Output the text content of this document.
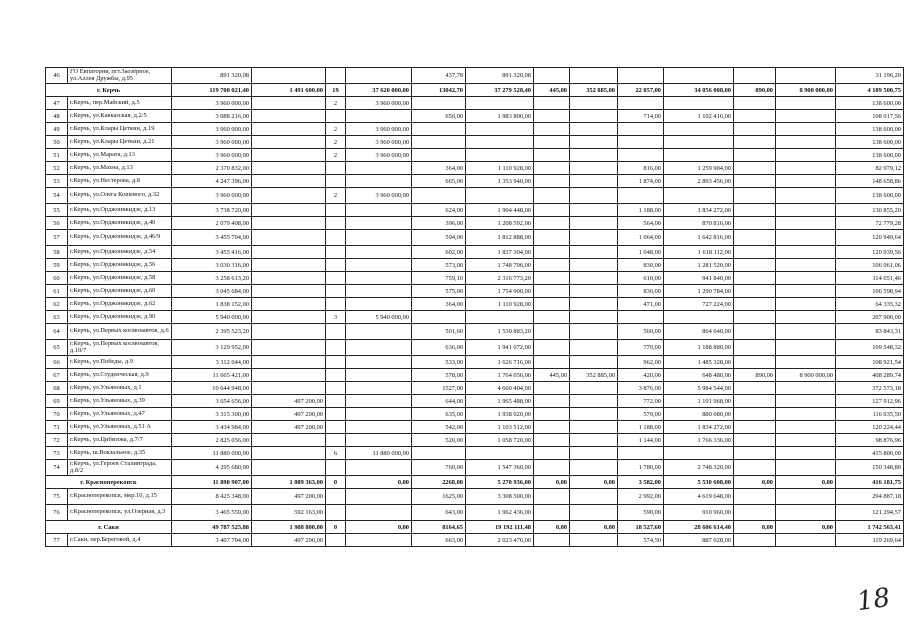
46	ГО Евпатория, пгт.Заозёрное, ул.Аллея Дружбы, д.95	891 320,08				437,78	891 320,08							31 196,20
г. Керчь		119 700 021,40	1 491 600,00	19	37 620 000,00	13042,70	37 279 528,40	445,00	352 885,00	22 057,00	34 056 008,00	890,00	8 900 000,00	4 189 500,75
47	г.Керчь, пер.Майский, д.5	3 960 000,00		2	3 960 000,00									138 600,00
48	г.Керчь, ул.Кавказская, д.2/5	3 088 216,00				650,00	1 983 800,00			714,00	1 102 416,00			108 017,56
49	г.Керчь, ул.Клары Цеткин, д.19	3 960 000,00		2	3 960 000,00									138 600,00
50	г.Керчь, ул.Клары Цеткин, д.21	3 960 000,00		2	3 960 000,00									138 600,00
51	г.Керчь, ул.Марата, д.13	3 960 000,00		2	3 960 000,00									138 600,00
52	г.Керчь, ул.Махна, д.13	2 370 832,00				364,00	1 110 928,00			816,00	1 259 904,00			82 979,12
53	г.Керчь, ул.Нестерова, д.8	4 247 396,00				665,00	1 353 940,00			1 874,00	2 893 456,00			148 658,86
54	г.Керчь, ул.Олега Кошевого, д.32	3 960 000,00		2	3 960 000,00									138 600,00
55	г.Керчь, ул.Орджоникидзе, д.13	3 738 720,00				624,00	1 904 448,00			1 188,00	1 834 272,00			130 855,20
56	г.Керчь, ул.Орджоникидзе, д.40	2 079 408,00				396,00	1 208 592,00			564,00	870 816,00			72 779,28
57	г.Керчь, ул.Орджоникидзе, д.46/9	3 455 704,00				594,00	1 812 888,00			1 064,00	1 642 816,00			120 949,64
58	г.Керчь, ул.Орджоникидзе, д.54	3 455 416,00				602,00	1 837 304,00			1 048,00	1 618 112,00			120 939,56
59	г.Керчь, ул.Орджоникидзе, д.56	3 030 316,00				573,00	1 748 796,00			830,00	1 281 520,00			106 061,06
60	г.Керчь, ул.Орджоникидзе, д.58	3 258 613,20				759,10	2 316 773,20			610,00	941 840,00			114 051,46
61	г.Керчь, ул.Орджоникидзе, д.60	3 045 684,00				575,00	1 754 900,00			836,00	1 290 784,00			106 598,94
62	г.Керчь, ул.Орджоникидзе, д.62	1 838 152,00				364,00	1 110 928,00			471,00	727 224,00			64 335,32
63	г.Керчь, ул.Орджоникидзе, д.90	5 940 000,00		3	5 940 000,00									207 900,00
64	г.Керчь, ул.Первых космонавтов, д.6	2 395 523,20				501,60	1 530 883,20			560,00	864 640,00			83 843,31
65	г.Керчь, ул.Первых космонавтов, д.10/7	3 129 952,00				636,00	1 941 072,00			770,00	1 188 880,00			109 548,32
66	г.Керчь, ул.Победы, д.9	3 112 044,00				533,00	1 626 716,00			962,00	1 485 328,00			108 921,54
67	г.Керчь, ул.Студенческая, д.9	11 665 421,00				578,00	1 764 056,00	445,00	352 885,00	420,00	648 480,00	890,00	8 900 000,00	408 289,74
68	г.Керчь, ул.Ульяновых, д.1	10 644 948,00				1527,00	4 660 404,00			3 876,00	5 984 544,00			372 573,18
69	г.Керчь, ул.Ульяновых, д.39	3 654 656,00	497 200,00			644,00	1 965 488,00			772,00	1 191 968,00			127 912,96
70	г.Керчь, ул.Ульяновых, д.47	3 315 300,00	497 200,00			635,00	1 938 020,00			570,00	880 080,00			116 035,50
71	г.Керчь, ул.Ульяновых, д.51 А	3 434 984,00	497 200,00			542,00	1 103 512,00			1 188,00	1 834 272,00			120 224,44
72	г.Керчь, ул.Цибизова, д.7/7	2 825 056,00				520,00	1 058 720,00			1 144,00	1 766 336,00			98 876,96
73	г.Керчь, ш.Вокзальное, д.35	11 880 000,00		6	11 880 000,00									415 800,00
74	г.Керчь, ул.Героев Сталинграда, д.8/2	4 295 680,00				760,00	1 547 360,00			1 780,00	2 748 320,00			150 348,80
г. Красноперекопск		11 890 907,00	1 089 363,00	0	0,00	2268,00	5 270 936,00	0,00	0,00	3 582,00	5 530 608,00	0,00	0,00	416 181,75
75	г.Красноперекопск, мкр.10, д.15	8 425 348,00	497 200,00			1625,00	3 308 500,00			2 992,00	4 619 648,00			294 887,18
76	г.Красноперекопск, ул.Озерная, д.3	3 465 559,00	592 163,00			643,00	1 962 436,00			590,00	910 960,00			121 294,57
г. Саки		49 787 525,88	1 988 800,00	0	0,00	8164,65	19 192 111,48	0,00	0,00	18 527,60	28 606 614,40	0,00	0,00	1 742 563,41
77	г.Саки, пер.Береговой, д.4	3 407 704,00	497 200,00			663,00	2 023 476,00			574,50	887 028,00			119 269,64
18
